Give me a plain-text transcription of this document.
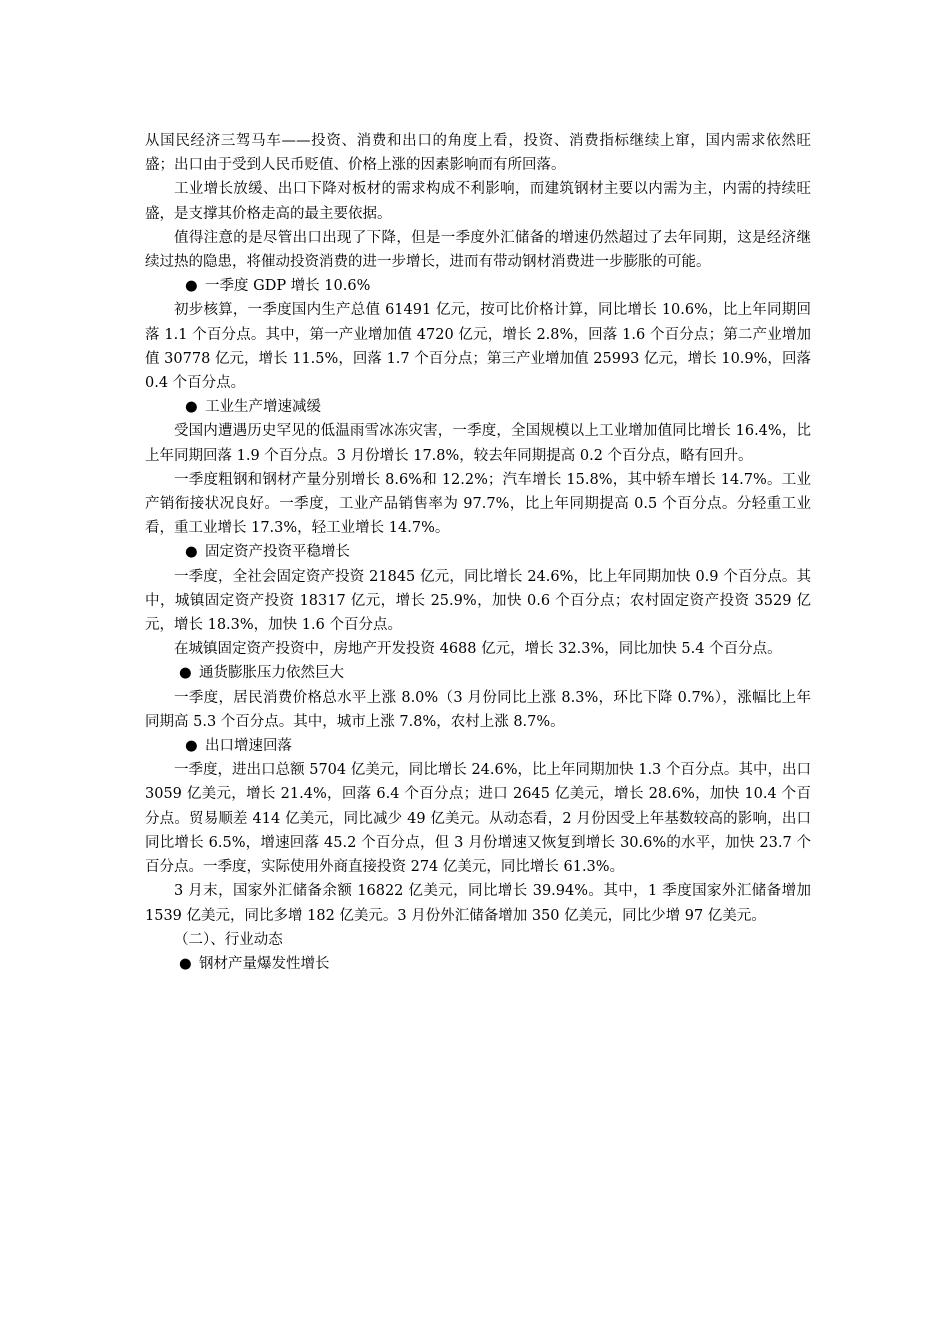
从国民经济三驾马车——投资、消费和出口的角度上看，投资、消费指标继续上窜，国内需求依然旺盛；出口由于受到人民币贬值、价格上涨的因素影响而有所回落。

工业增长放缓、出口下降对板材的需求构成不利影响，而建筑钢材主要以内需为主，内需的持续旺盛，是支撑其价格走高的最主要依据。

值得注意的是尽管出口出现了下降，但是一季度外汇储备的增速仍然超过了去年同期，这是经济继续过热的隐患，将催动投资消费的进一步增长，进而有带动钢材消费进一步膨胀的可能。

● 一季度 GDP 增长 10.6%

初步核算，一季度国内生产总值 61491 亿元，按可比价格计算，同比增长 10.6%，比上年同期回落 1.1 个百分点。其中，第一产业增加值 4720 亿元，增长 2.8%，回落 1.6 个百分点；第二产业增加值 30778 亿元，增长 11.5%，回落 1.7 个百分点；第三产业增加值 25993 亿元，增长 10.9%，回落 0.4 个百分点。

● 工业生产增速减缓

受国内遭遇历史罕见的低温雨雪冰冻灾害，一季度，全国规模以上工业增加值同比增长 16.4%，比上年同期回落 1.9 个百分点。3 月份增长 17.8%，较去年同期提高 0.2 个百分点，略有回升。

一季度粗钢和钢材产量分别增长 8.6%和 12.2%；汽车增长 15.8%，其中轿车增长 14.7%。工业产销衔接状况良好。一季度，工业产品销售率为 97.7%，比上年同期提高 0.5 个百分点。分轻重工业看，重工业增长 17.3%，轻工业增长 14.7%。

● 固定资产投资平稳增长

一季度，全社会固定资产投资 21845 亿元，同比增长 24.6%，比上年同期加快 0.9 个百分点。其中，城镇固定资产投资 18317 亿元，增长 25.9%，加快 0.6 个百分点；农村固定资产投资 3529 亿元，增长 18.3%，加快 1.6 个百分点。

在城镇固定资产投资中，房地产开发投资 4688 亿元，增长 32.3%，同比加快 5.4 个百分点。

● 通货膨胀压力依然巨大

一季度，居民消费价格总水平上涨 8.0%（3 月份同比上涨 8.3%，环比下降 0.7%），涨幅比上年同期高 5.3 个百分点。其中，城市上涨 7.8%，农村上涨 8.7%。

● 出口增速回落

一季度，进出口总额 5704 亿美元，同比增长 24.6%，比上年同期加快 1.3 个百分点。其中，出口 3059 亿美元，增长 21.4%，回落 6.4 个百分点；进口 2645 亿美元，增长 28.6%，加快 10.4 个百分点。贸易顺差 414 亿美元，同比减少 49 亿美元。从动态看，2 月份因受上年基数较高的影响，出口同比增长 6.5%，增速回落 45.2 个百分点，但 3 月份增速又恢复到增长 30.6%的水平，加快 23.7 个百分点。一季度，实际使用外商直接投资 274 亿美元，同比增长 61.3%。

3 月末，国家外汇储备余额 16822 亿美元，同比增长 39.94%。其中，1 季度国家外汇储备增加 1539 亿美元，同比多增 182 亿美元。3 月份外汇储备增加 350 亿美元，同比少增 97 亿美元。

（二）、行业动态

● 钢材产量爆发性增长
